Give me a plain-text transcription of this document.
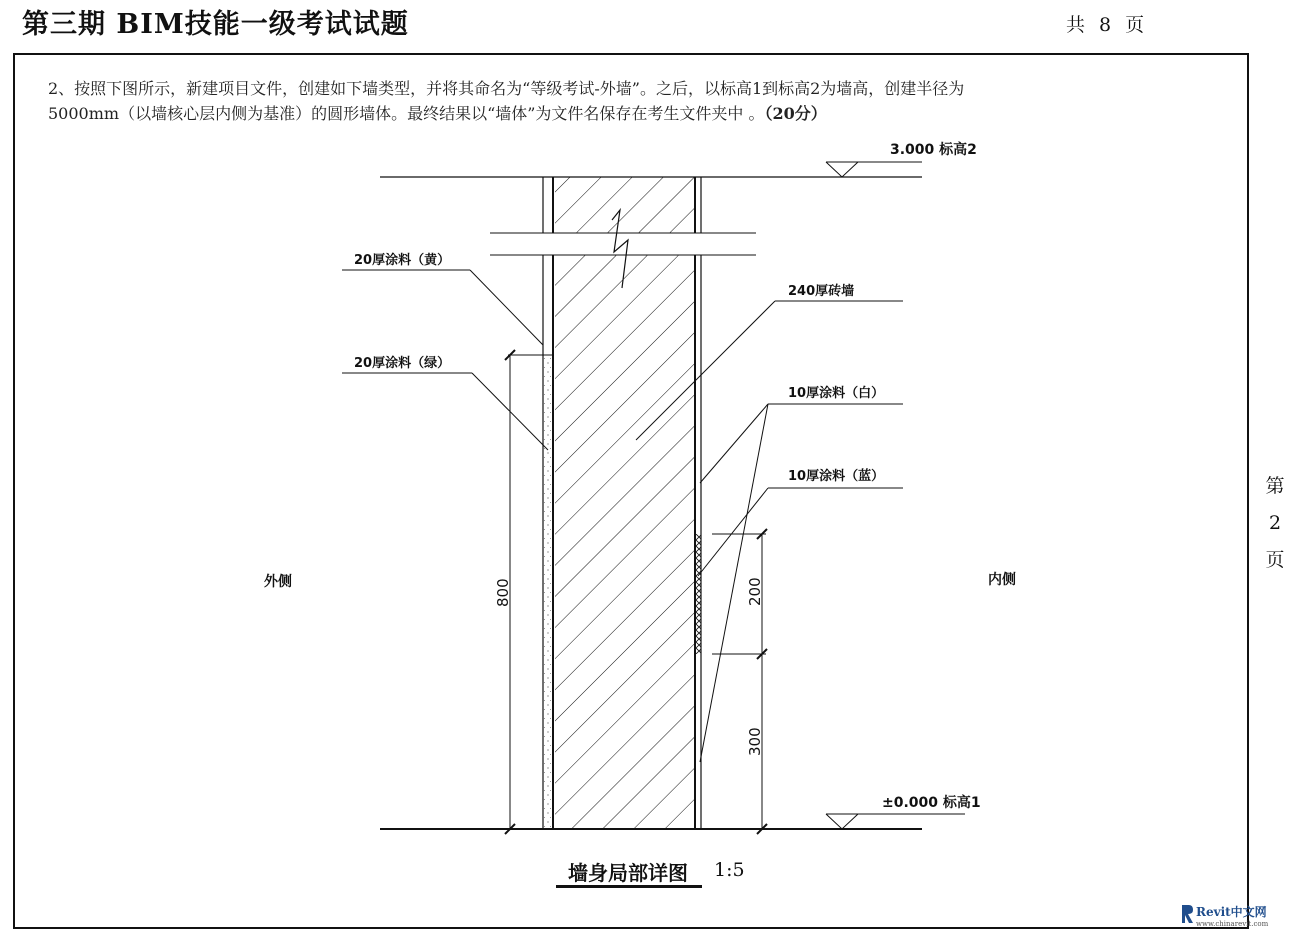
第三期 BIM技能一级考试试题	共 8 页
第 2 页
2、按照下图所示，新建项目文件，创建如下墙类型，并将其命名为“等级考试-外墙”。之后，以标高1到标高2为墙高，创建半径为
5000mm（以墙核心层内侧为基准）的圆形墙体。最终结果以“墙体”为文件名保存在考生文件夹中 。（20分）
3.000 标高2
±0.000 标高1
20厚涂料（黄）
20厚涂料（绿）
240厚砖墙
10厚涂料（白）
10厚涂料（蓝）
800	200
300
外侧	内侧
墙身局部详图 1:5
Revit中文网
www.chinarevit.com
